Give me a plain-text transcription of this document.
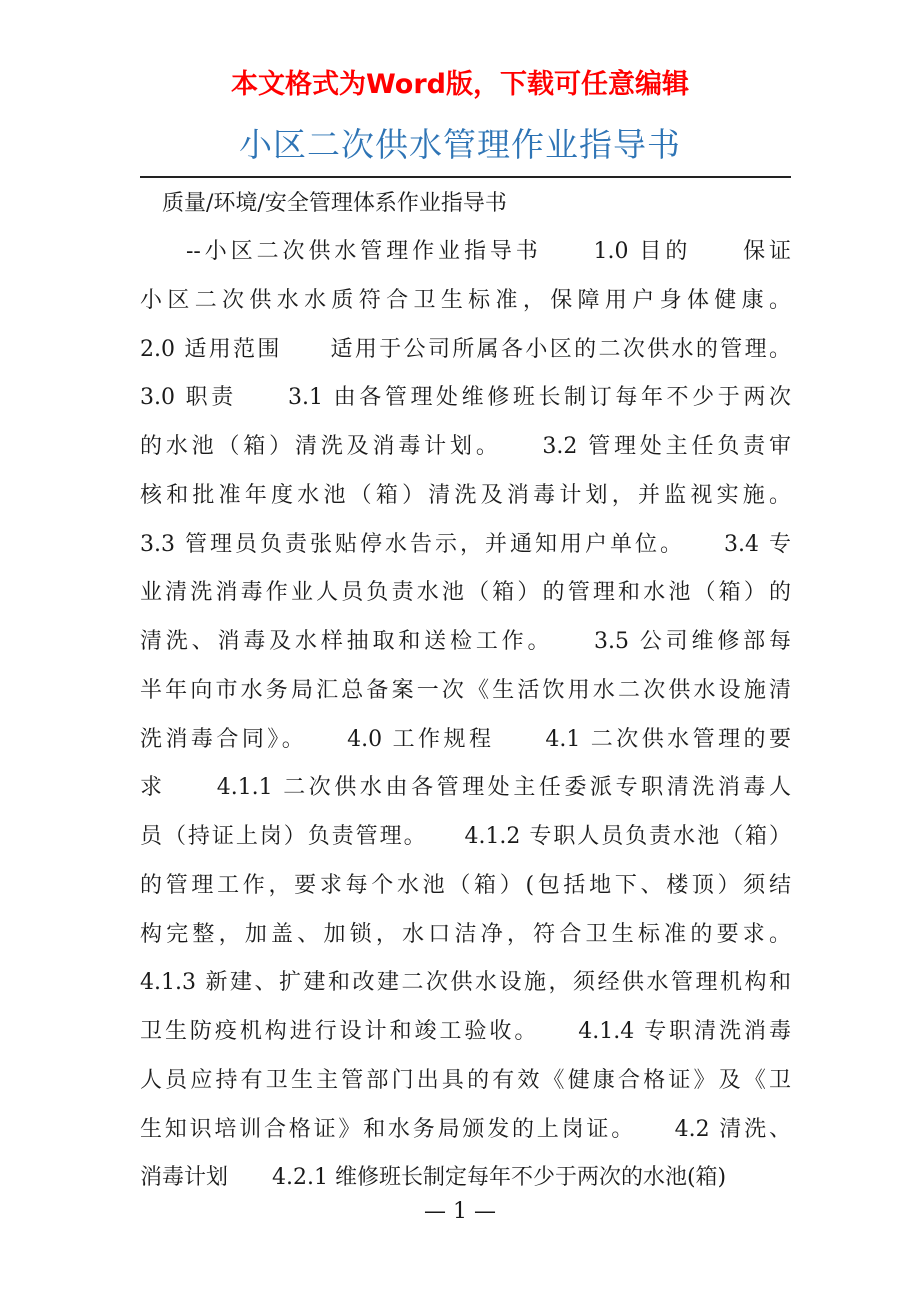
本文格式为Word版，下载可任意编辑
小区二次供水管理作业指导书
质量/环境/安全管理体系作业指导书
--小区二次供水管理作业指导书　　1.0 目的　　保证
小区二次供水水质符合卫生标准，保障用户身体健康。
2.0 适用范围　　适用于公司所属各小区的二次供水的管理。
3.0 职责　　3.1 由各管理处维修班长制订每年不少于两次
的水池（箱）清洗及消毒计划。　　3.2 管理处主任负责审
核和批准年度水池（箱）清洗及消毒计划，并监视实施。
3.3 管理员负责张贴停水告示，并通知用户单位。　　3.4 专
业清洗消毒作业人员负责水池（箱）的管理和水池（箱）的
清洗、消毒及水样抽取和送检工作。　　3.5 公司维修部每
半年向市水务局汇总备案一次《生活饮用水二次供水设施清
洗消毒合同》。　　4.0 工作规程　　4.1 二次供水管理的要
求　　4.1.1 二次供水由各管理处主任委派专职清洗消毒人
员（持证上岗）负责管理。　　4.1.2 专职人员负责水池（箱）
的管理工作，要求每个水池（箱）(包括地下、楼顶）须结
构完整，加盖、加锁，水口洁净，符合卫生标准的要求。
4.1.3 新建、扩建和改建二次供水设施，须经供水管理机构和
卫生防疫机构进行设计和竣工验收。　　4.1.4 专职清洗消毒
人员应持有卫生主管部门出具的有效《健康合格证》及《卫
生知识培训合格证》和水务局颁发的上岗证。　　4.2 清洗、
消毒计划　　4.2.1 维修班长制定每年不少于两次的水池(箱)
— 1 —
